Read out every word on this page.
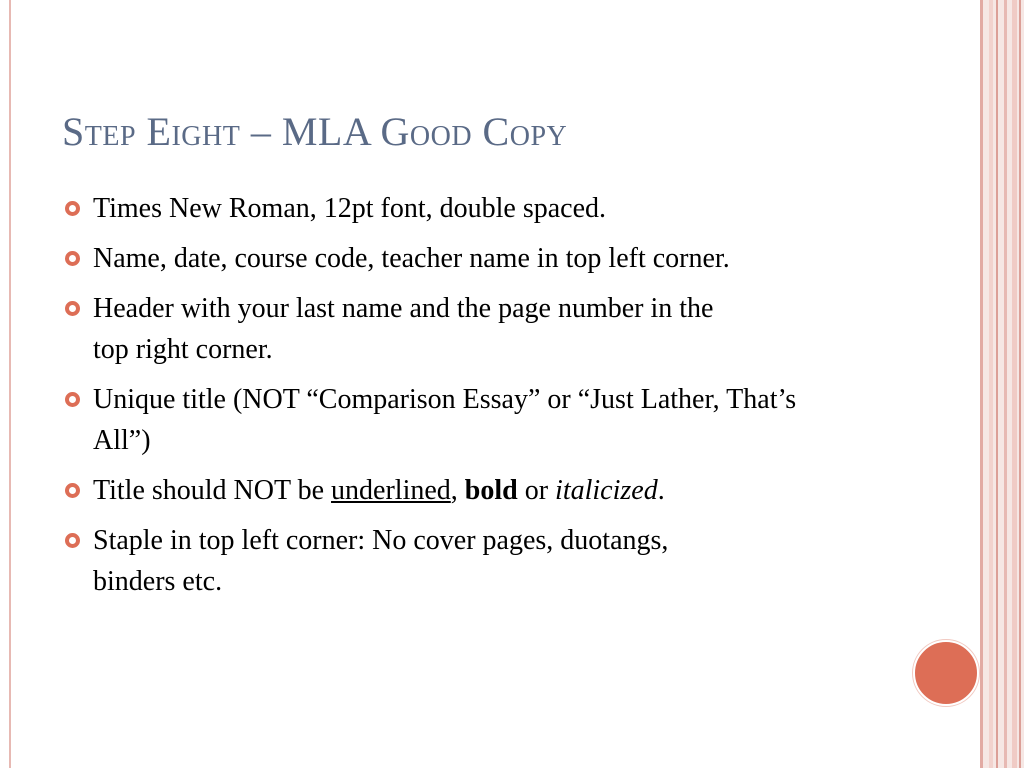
Step Eight – MLA Good Copy
Times New Roman, 12pt font, double spaced.
Name, date, course code, teacher name in top left corner.
Header with your last name and the page number in the top right corner.
Unique title (NOT “Comparison Essay” or “Just Lather, That’s All”)
Title should NOT be underlined, bold or italicized.
Staple in top left corner: No cover pages, duotangs, binders etc.
